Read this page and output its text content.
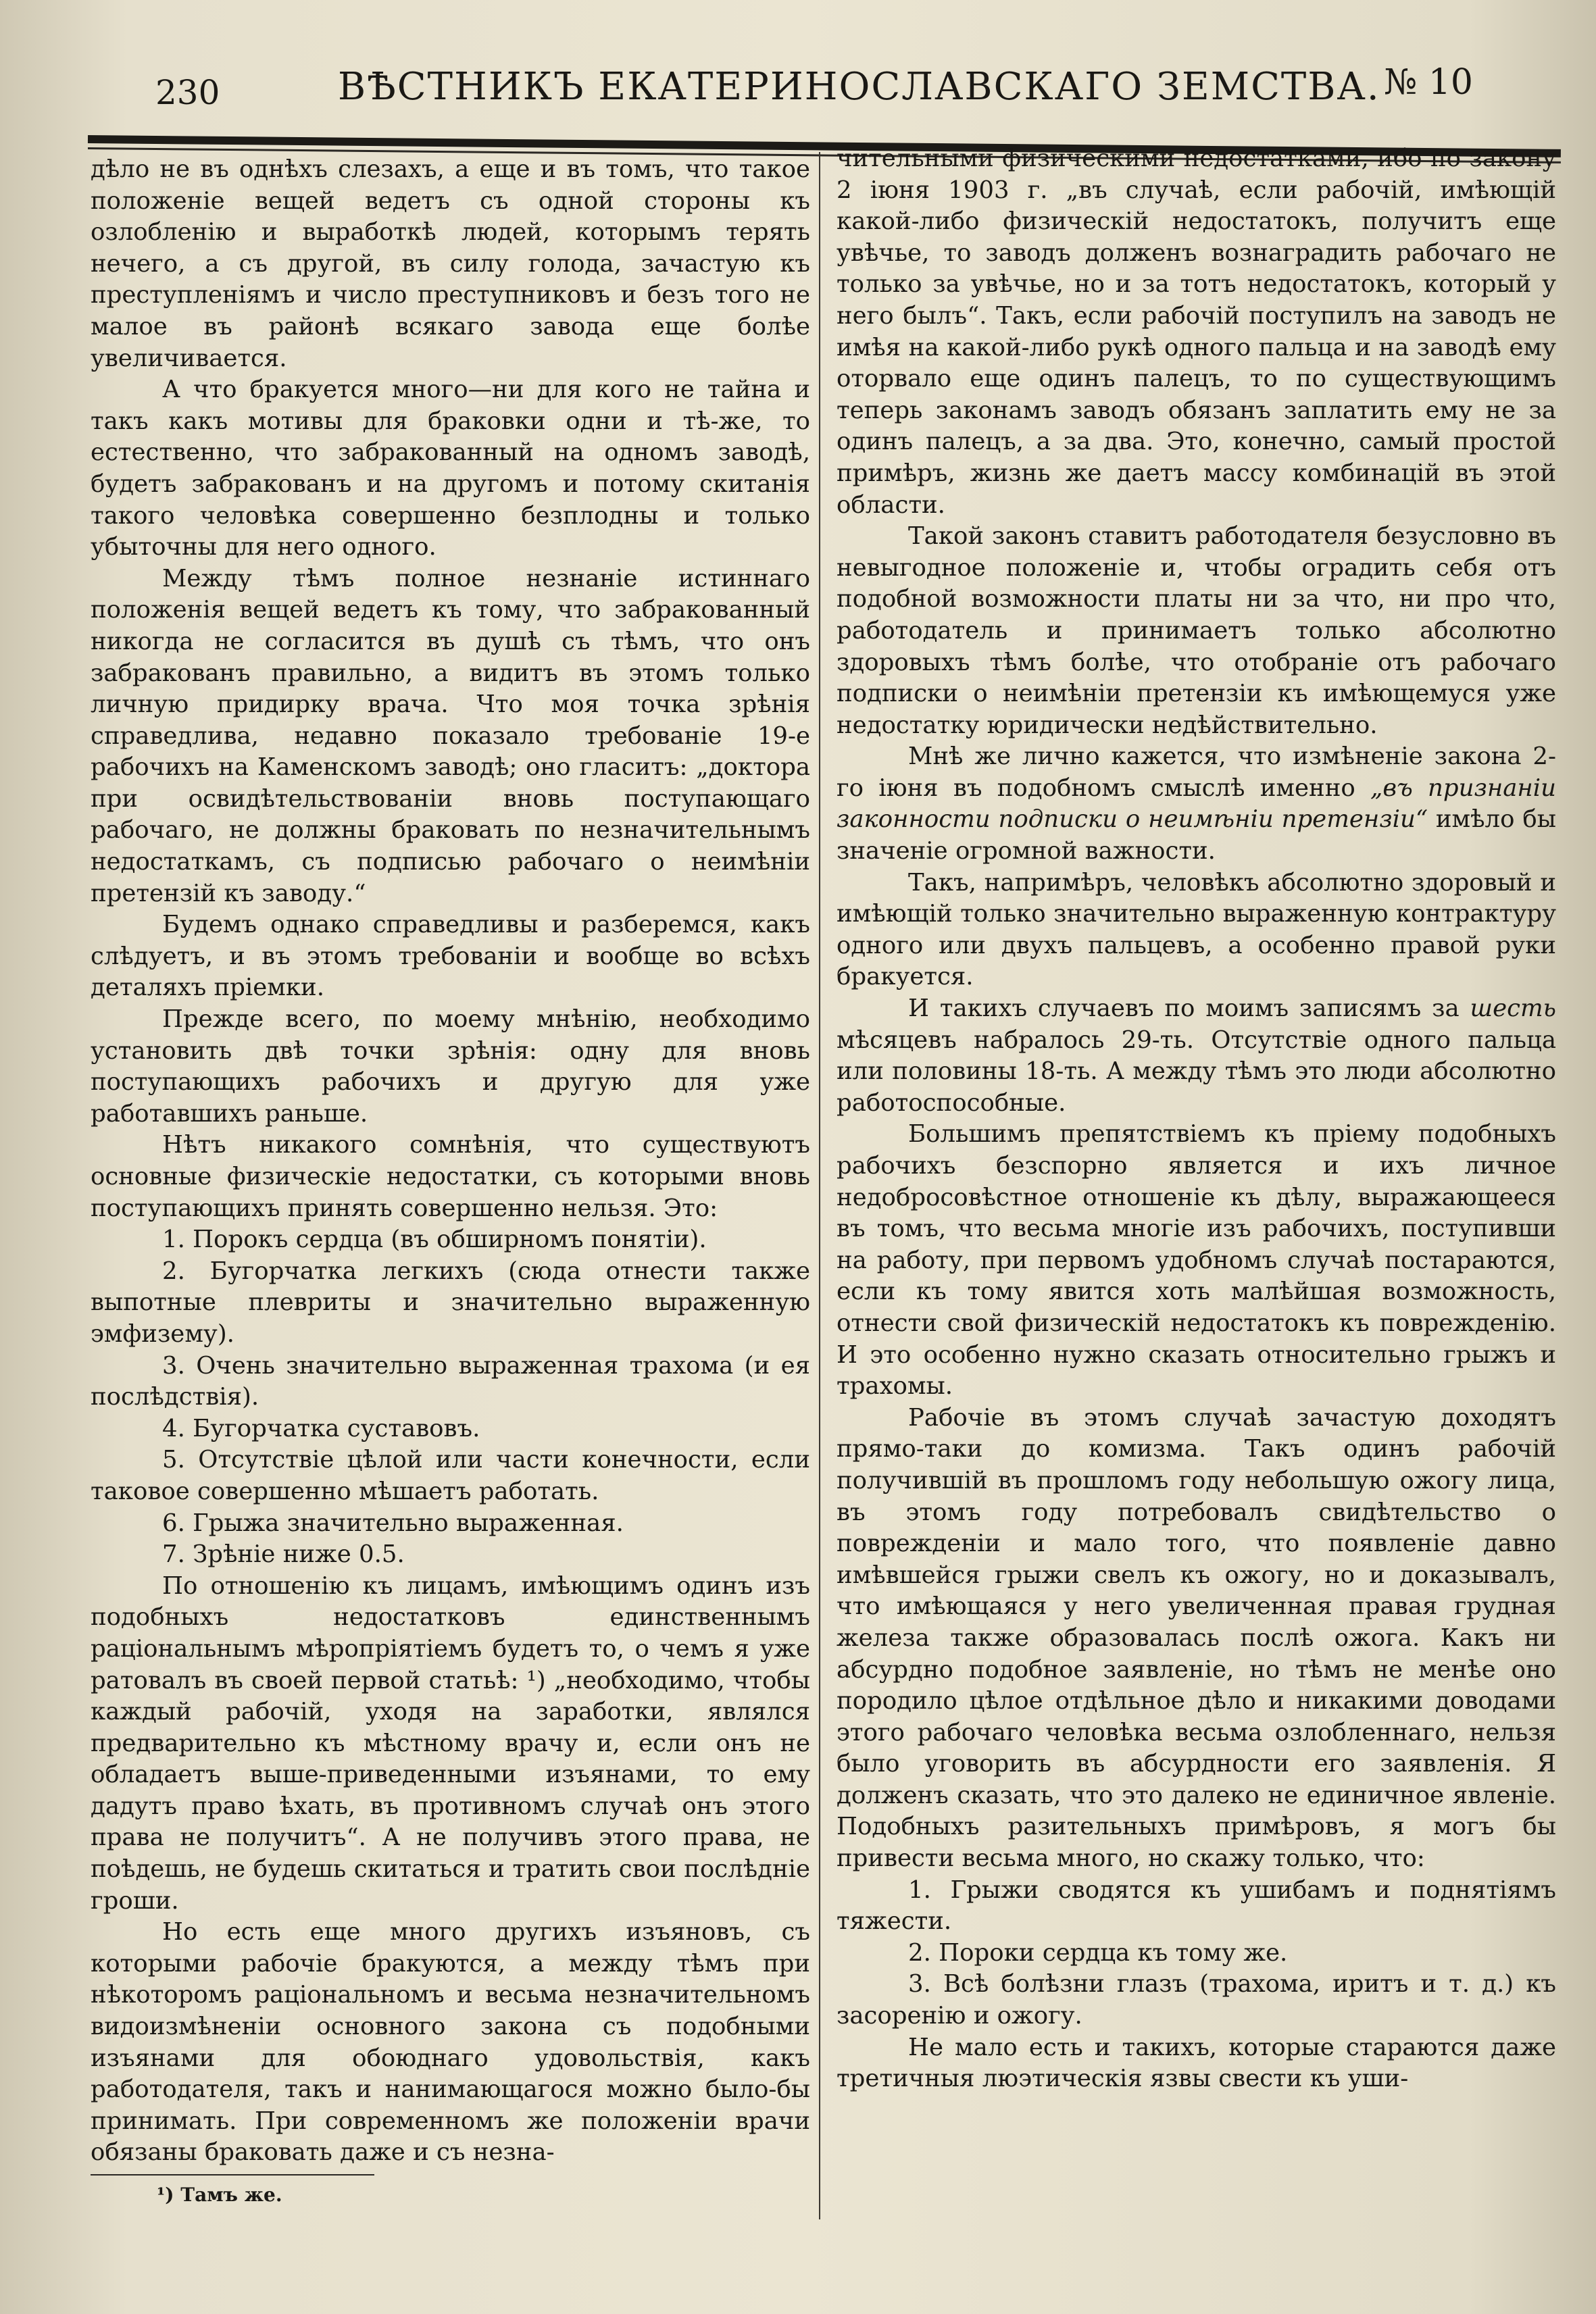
230	ВѢСТНИКЪ ЕКАТЕРИНОСЛАВСКАГО ЗЕМСТВА. № 10

дѣло не въ однѣхъ слезахъ, а еще и въ томъ, что такое положенiе вещей ведетъ съ одной стороны къ озлобленiю и выработкѣ людей, которымъ терять нечего, а съ другой, въ силу голода, зачастую къ преступленiямъ и число преступниковъ и безъ того не малое въ районѣ всякаго завода еще болѣе увеличивается.

А что бракуется много—ни для кого не тайна и такъ какъ мотивы для браковки одни и тѣ-же, то естественно, что забракованный на одномъ заводѣ, будетъ забракованъ и на другомъ и потому скитанiя такого человѣка совершенно безплодны и только убыточны для него одного.

Между тѣмъ полное незнанiе истиннаго положенiя вещей ведетъ къ тому, что забракованный никогда не согласится въ душѣ съ тѣмъ, что онъ забракованъ правильно, а видитъ въ этомъ только личную придирку врача. Что моя точка зрѣнiя справедлива, недавно показало требованiе 19-е рабочихъ на Каменскомъ заводѣ; оно гласитъ: „доктора при освидѣтельствованiи вновь поступающаго рабочаго, не должны браковать по незначительнымъ недостаткамъ, съ подписью рабочаго о неимѣнiи претензiй къ заводу.“

Будемъ однако справедливы и разберемся, какъ слѣдуетъ, и въ этомъ требованiи и вообще во всѣхъ деталяхъ прiемки.

Прежде всего, по моему мнѣнiю, необходимо установить двѣ точки зрѣнiя: одну для вновь поступающихъ рабочихъ и другую для уже работавшихъ раньше.

Нѣтъ никакого сомнѣнiя, что существуютъ основные физическiе недостатки, съ которыми вновь поступающихъ принять совершенно нельзя. Это:

1. Порокъ сердца (въ обширномъ понятiи).

2. Бугорчатка легкихъ (сюда отнести также выпотные плевриты и значительно выраженную эмфизему).

3. Очень значительно выраженная трахома (и ея послѣдствiя).

4. Бугорчатка суставовъ.

5. Отсутствiе цѣлой или части конечности, если таковое совершенно мѣшаетъ работать.

6. Грыжа значительно выраженная.

7. Зрѣнiе ниже 0.5.

По отношенiю къ лицамъ, имѣющимъ одинъ изъ подобныхъ недостатковъ единственнымъ рацiональнымъ мѣропрiятiемъ будетъ то, о чемъ я уже ратовалъ въ своей первой статьѣ: ¹) „необходимо, чтобы каждый рабочiй, уходя на заработки, являлся предварительно къ мѣстному врачу и, если онъ не обладаетъ выше-приведенными изъянами, то ему дадутъ право ѣхать, въ противномъ случаѣ онъ этого права не получитъ“. А не получивъ этого права, не поѣдешь, не будешь скитаться и тратить свои послѣднiе гроши.

Но есть еще много другихъ изъяновъ, съ которыми рабочiе бракуются, а между тѣмъ при нѣкоторомъ рацiональномъ и весьма незначительномъ видоизмѣненiи основного закона съ подобными изъянами для обоюднаго удовольствiя, какъ работодателя, такъ и нанимающагося можно было-бы принимать. При современномъ же положенiи врачи обязаны браковать даже и съ незна-

¹) Тамъ же.

чительными физическими недостатками, ибо по закону 2 iюня 1903 г. „въ случаѣ, если рабочiй, имѣющiй какой-либо физическiй недостатокъ, получитъ еще увѣчье, то заводъ долженъ вознаградить рабочаго не только за увѣчье, но и за тотъ недостатокъ, который у него былъ“. Такъ, если рабочiй поступилъ на заводъ не имѣя на какой-либо рукѣ одного пальца и на заводѣ ему оторвало еще одинъ палецъ, то по существующимъ теперь законамъ заводъ обязанъ заплатить ему не за одинъ палецъ, а за два. Это, конечно, самый простой примѣръ, жизнь же даетъ массу комбинацiй въ этой области.

Такой законъ ставитъ работодателя безусловно въ невыгодное положенiе и, чтобы оградить себя отъ подобной возможности платы ни за что, ни про что, работодатель и принимаетъ только абсолютно здоровыхъ тѣмъ болѣе, что отобранiе отъ рабочаго подписки о неимѣнiи претензiи къ имѣющемуся уже недостатку юридически недѣйствительно.

Мнѣ же лично кажется, что измѣненiе закона 2-го iюня въ подобномъ смыслѣ именно „въ признанiи законности подписки о неимѣнiи претензiи“ имѣло бы значенiе огромной важности.

Такъ, напримѣръ, человѣкъ абсолютно здоровый и имѣющiй только значительно выраженную контрактуру одного или двухъ пальцевъ, а особенно правой руки бракуется.

И такихъ случаевъ по моимъ записямъ за шесть мѣсяцевъ набралось 29-ть. Отсутствiе одного пальца или половины 18-ть. А между тѣмъ это люди абсолютно работоспособные.

Большимъ препятствiемъ къ прiему подобныхъ рабочихъ безспорно является и ихъ личное недобросовѣстное отношенiе къ дѣлу, выражающееся въ томъ, что весьма многiе изъ рабочихъ, поступивши на работу, при первомъ удобномъ случаѣ постараются, если къ тому явится хоть малѣйшая возможность, отнести свой физическiй недостатокъ къ поврежденiю. И это особенно нужно сказать относительно грыжъ и трахомы.

Рабочiе въ этомъ случаѣ зачастую доходятъ прямо-таки до комизма. Такъ одинъ рабочiй получившiй въ прошломъ году небольшую ожогу лица, въ этомъ году потребовалъ свидѣтельство о поврежденiи и мало того, что появленiе давно имѣвшейся грыжи свелъ къ ожогу, но и доказывалъ, что имѣющаяся у него увеличенная правая грудная железа также образовалась послѣ ожога. Какъ ни абсурдно подобное заявленiе, но тѣмъ не менѣе оно породило цѣлое отдѣльное дѣло и никакими доводами этого рабочаго человѣка весьма озлобленнаго, нельзя было уговорить въ абсурдности его заявленiя. Я долженъ сказать, что это далеко не единичное явленiе. Подобныхъ разительныхъ примѣровъ, я могъ бы привести весьма много, но скажу только, что:

1. Грыжи сводятся къ ушибамъ и поднятiямъ тяжести.

2. Пороки сердца къ тому же.

3. Всѣ болѣзни глазъ (трахома, иритъ и т. д.) къ засоренiю и ожогу.

Не мало есть и такихъ, которые стараются даже третичныя люэтическiя язвы свести къ уши-
